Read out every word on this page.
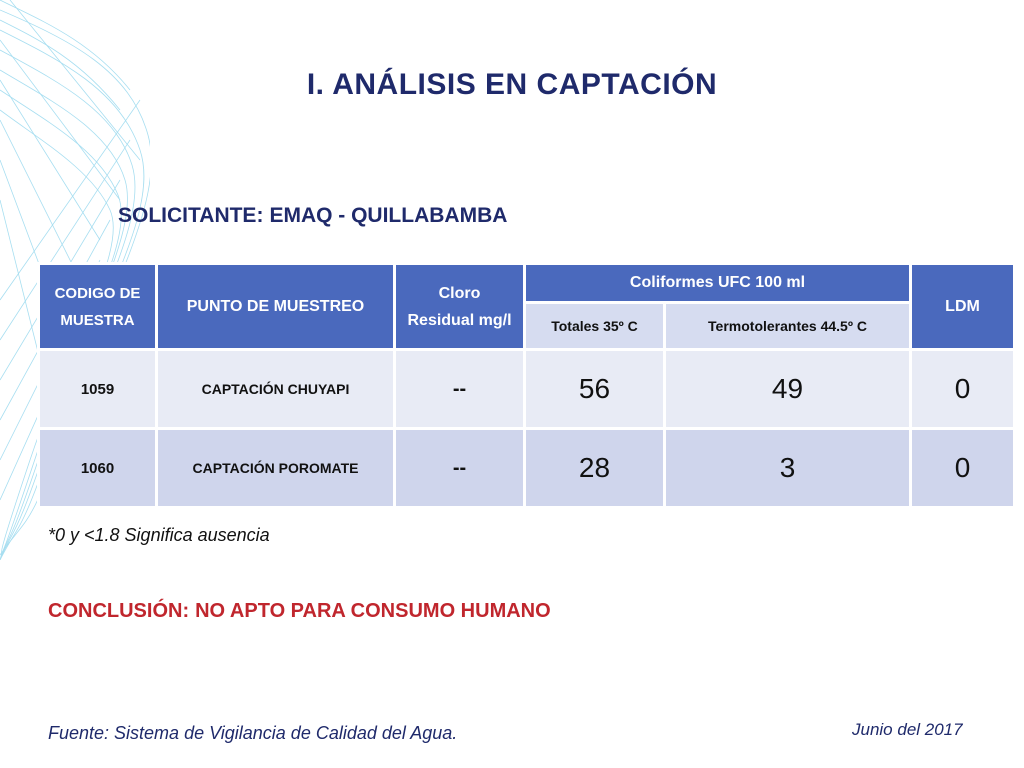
I. ANÁLISIS EN CAPTACIÓN
SOLICITANTE: EMAQ - QUILLABAMBA
CODIGO DE MUESTRA	PUNTO DE MUESTREO	Cloro Residual mg/l	Coliformes UFC 100 ml		LDM
			Totales 35º C	Termotolerantes 44.5º C	
1059	CAPTACIÓN CHUYAPI	--	56	49	0
1060	CAPTACIÓN POROMATE	--	28	3	0
*0 y <1.8 Significa ausencia
CONCLUSIÓN: NO APTO PARA CONSUMO HUMANO
Fuente: Sistema de Vigilancia de Calidad del Agua.	Junio del 2017
